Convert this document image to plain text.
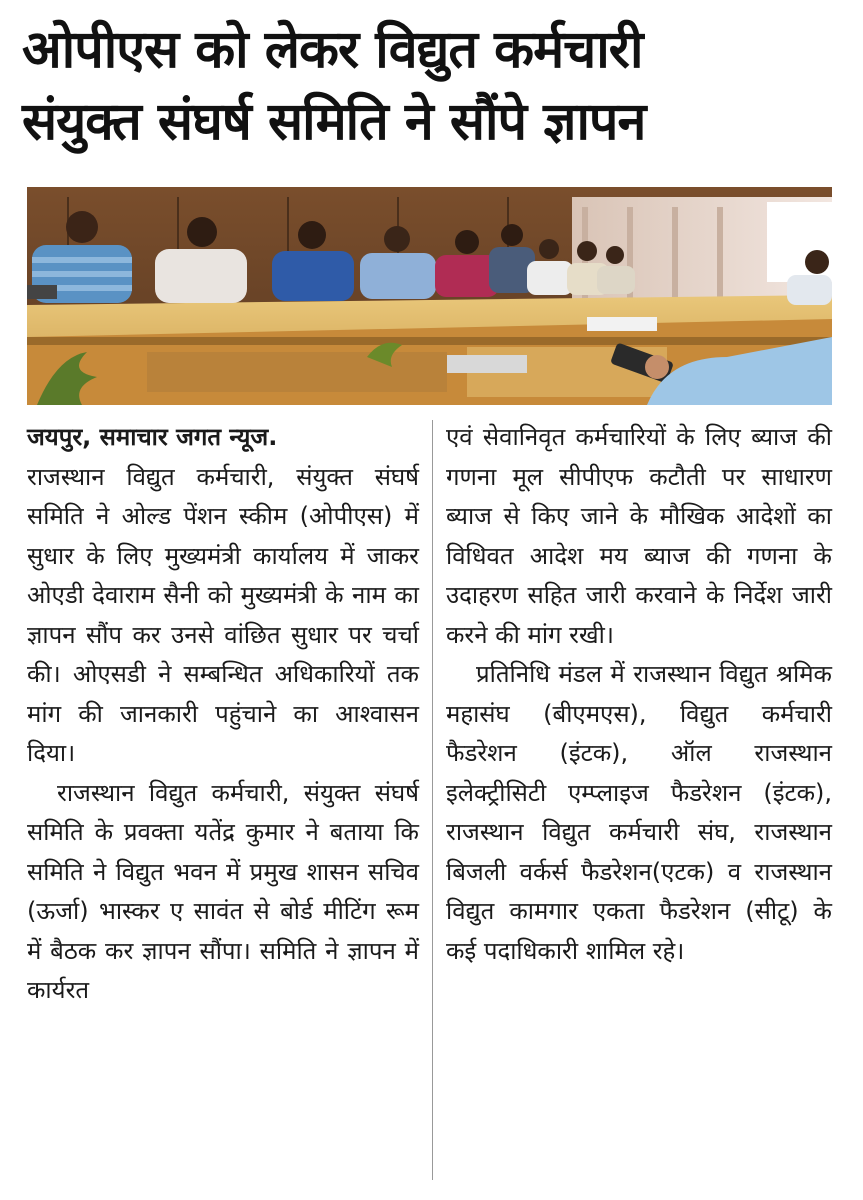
ओपीएस को लेकर विद्युत कर्मचारी
संयुक्त संघर्ष समिति ने सौंपे ज्ञापन

जयपुर, समाचार जगत न्यूज.
राजस्थान विद्युत कर्मचारी, संयुक्त संघर्ष समिति ने ओल्ड पेंशन स्कीम (ओपीएस) में सुधार के लिए मुख्यमंत्री कार्यालय में जाकर ओएडी देवाराम सैनी को मुख्यमंत्री के नाम का ज्ञापन सौंप कर उनसे वांछित सुधार पर चर्चा की। ओएसडी ने सम्बन्धित अधिकारियों तक मांग की जानकारी पहुंचाने का आश्वासन दिया।

राजस्थान विद्युत कर्मचारी, संयुक्त संघर्ष समिति के प्रवक्ता यतेंद्र कुमार ने बताया कि समिति ने विद्युत भवन में प्रमुख शासन सचिव (ऊर्जा) भास्कर ए सावंत से बोर्ड मीटिंग रूम में बैठक कर ज्ञापन सौंपा। समिति ने ज्ञापन में कार्यरत

एवं सेवानिवृत कर्मचारियों के लिए ब्याज की गणना मूल सीपीएफ कटौती पर साधारण ब्याज से किए जाने के मौखिक आदेशों का विधिवत आदेश मय ब्याज की गणना के उदाहरण सहित जारी करवाने के निर्देश जारी करने की मांग रखी।

प्रतिनिधि मंडल में राजस्थान विद्युत श्रमिक महासंघ (बीएमएस), विद्युत कर्मचारी फैडरेशन (इंटक), ऑल राजस्थान इलेक्ट्रीसिटी एम्प्लाइज फैडरेशन (इंटक), राजस्थान विद्युत कर्मचारी संघ, राजस्थान बिजली वर्कर्स फैडरेशन(एटक) व राजस्थान विद्युत कामगार एकता फैडरेशन (सीटू) के कई पदाधिकारी शामिल रहे।
